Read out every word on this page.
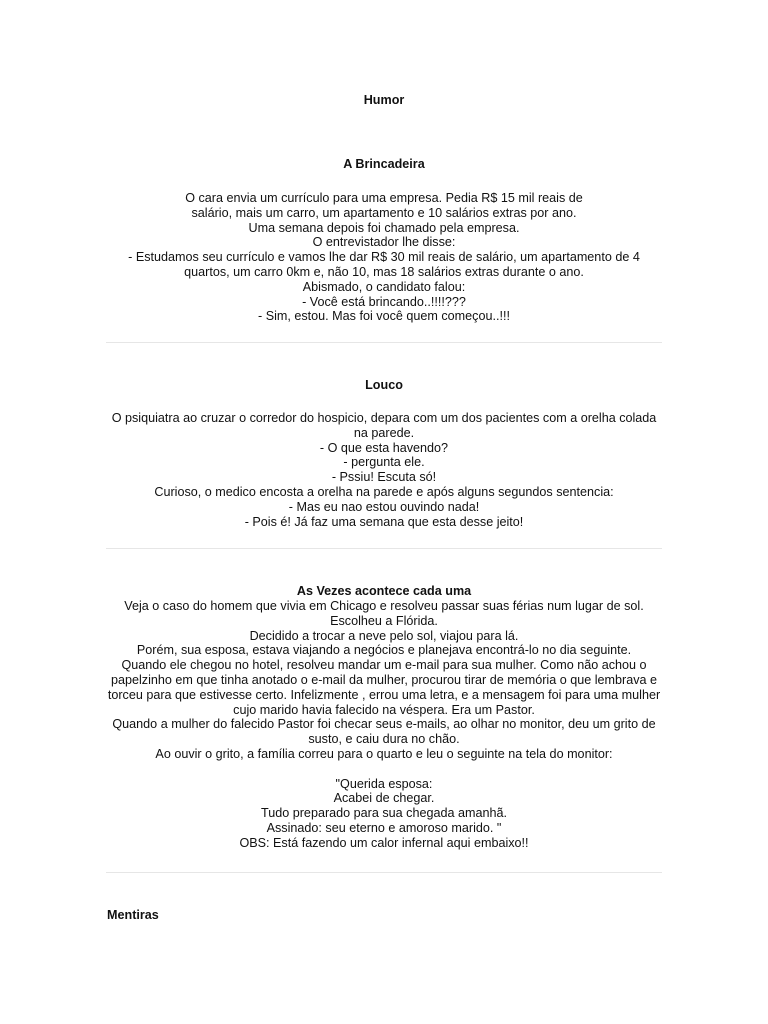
Humor
A Brincadeira
O cara envia um currículo para uma empresa. Pedia R$ 15 mil reais de
salário, mais um carro, um apartamento e 10 salários extras por ano.
Uma semana depois foi chamado pela empresa.
O entrevistador lhe disse:
- Estudamos seu currículo e vamos lhe dar R$ 30 mil reais de salário, um apartamento de 4
quartos, um carro 0km e, não 10, mas 18 salários extras durante o ano.
Abismado, o candidato falou:
- Você está brincando..!!!!???
- Sim, estou. Mas foi você quem começou..!!!
Louco
O psiquiatra ao cruzar o corredor do hospicio, depara com um dos pacientes com a orelha colada
na parede.
- O que esta havendo?
- pergunta ele.
- Pssiu! Escuta só!
Curioso, o medico encosta a orelha na parede e após alguns segundos sentencia:
- Mas eu nao estou ouvindo nada!
- Pois é! Já faz uma semana que esta desse jeito!
As Vezes acontece cada uma
Veja o caso do homem que vivia em Chicago e resolveu passar suas férias num lugar de sol.
Escolheu a Flórida.
Decidido a trocar a neve pelo sol, viajou para lá.
Porém, sua esposa, estava viajando a negócios e planejava encontrá-lo no dia seguinte.
Quando ele chegou no hotel, resolveu mandar um e-mail para sua mulher. Como não achou o
papelzinho em que tinha anotado o e-mail da mulher, procurou tirar de memória o que lembrava e
torceu para que estivesse certo. Infelizmente , errou uma letra, e a mensagem foi para uma mulher
cujo marido havia falecido na véspera. Era um Pastor.
Quando a mulher do falecido Pastor foi checar seus e-mails, ao olhar no monitor, deu um grito de
susto, e caiu dura no chão.
Ao ouvir o grito, a família correu para o quarto e leu o seguinte na tela do monitor:

"Querida esposa:
Acabei de chegar.
Tudo preparado para sua chegada amanhã.
Assinado: seu eterno e amoroso marido. "
OBS: Está fazendo um calor infernal aqui embaixo!!
Mentiras
